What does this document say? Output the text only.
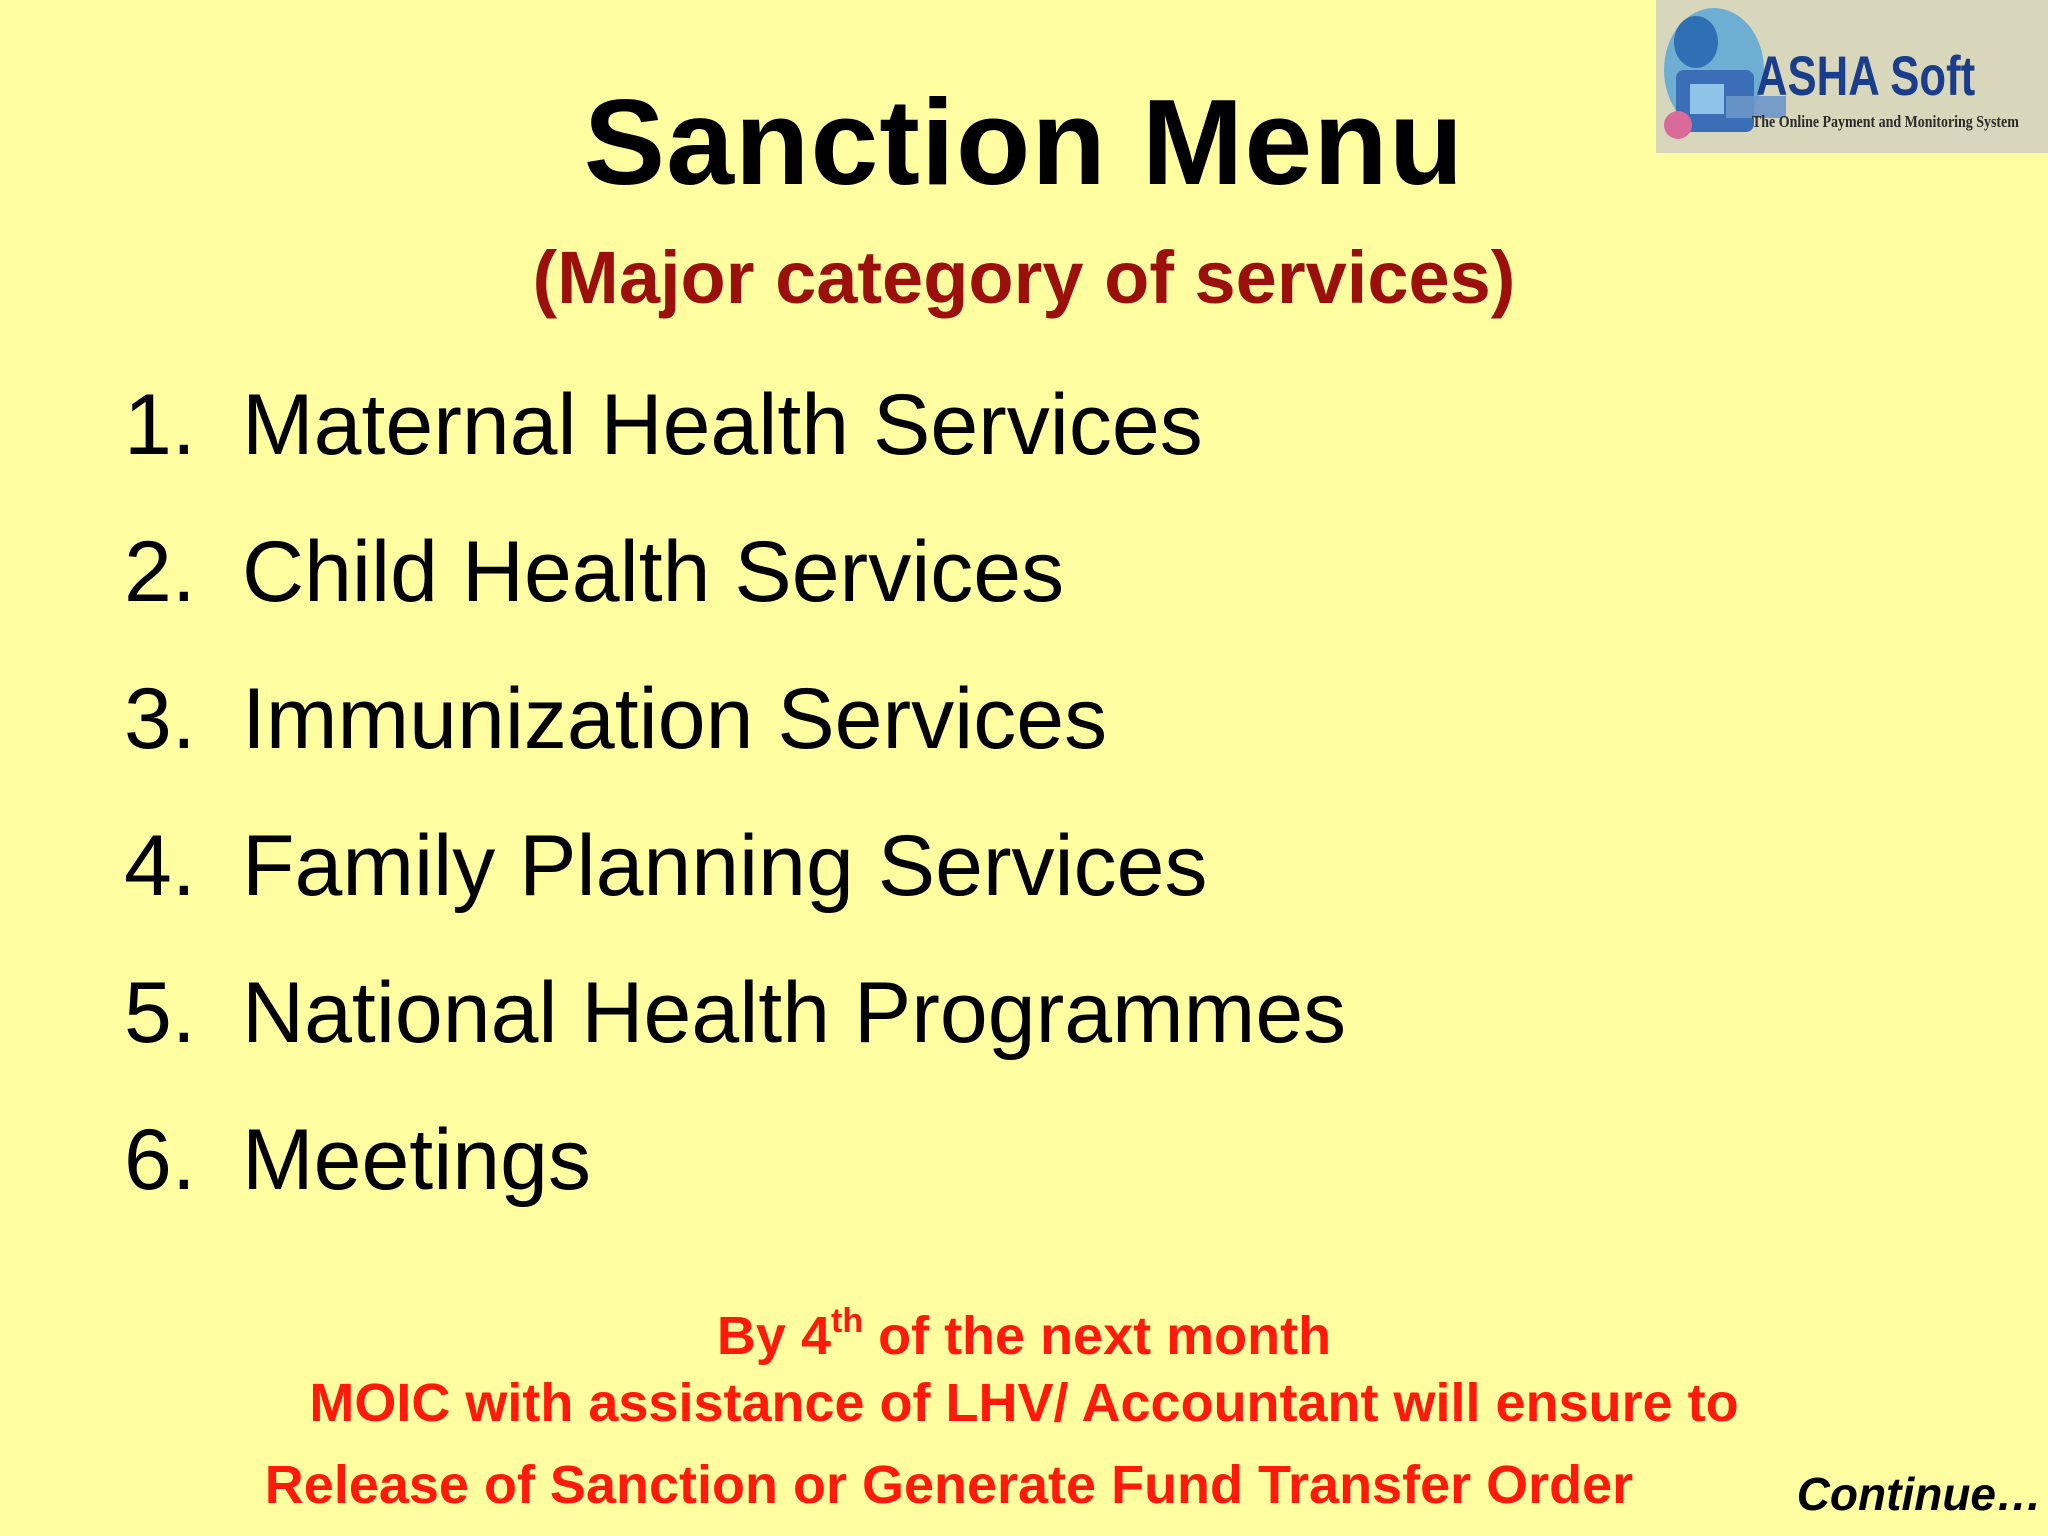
ASHA Soft
The Online Payment and Monitoring System
Sanction Menu
(Major category of services)
1. Maternal Health Services
2. Child Health Services
3. Immunization Services
4. Family Planning Services
5. National Health Programmes
6. Meetings
By 4th of the next month
MOIC with assistance of LHV/ Accountant will ensure to
Release of Sanction or Generate Fund Transfer Order	Continue…
